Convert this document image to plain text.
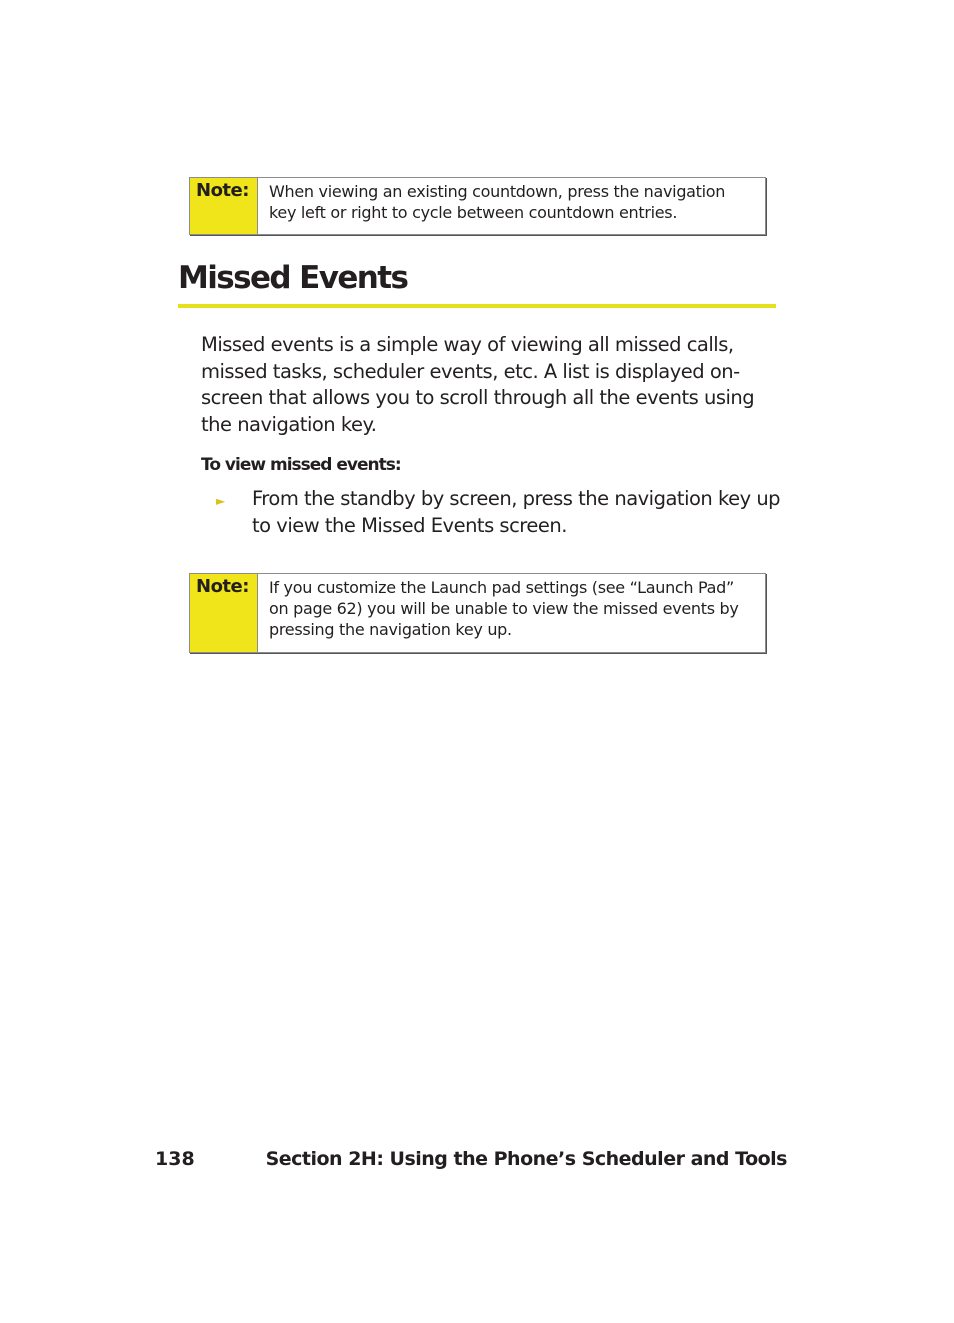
Note:	When viewing an existing countdown, press the navigation key left or right to cycle between countdown entries.
Missed Events

Missed events is a simple way of viewing all missed calls, missed tasks, scheduler events, etc. A list is displayed on-screen that allows you to scroll through all the events using the navigation key.

To view missed events:
►	From the standby by screen, press the navigation key up to view the Missed Events screen.
Note:	If you customize the Launch pad settings (see “Launch Pad” on page 62) you will be unable to view the missed events by pressing the navigation key up.
138	Section 2H: Using the Phone’s Scheduler and Tools
